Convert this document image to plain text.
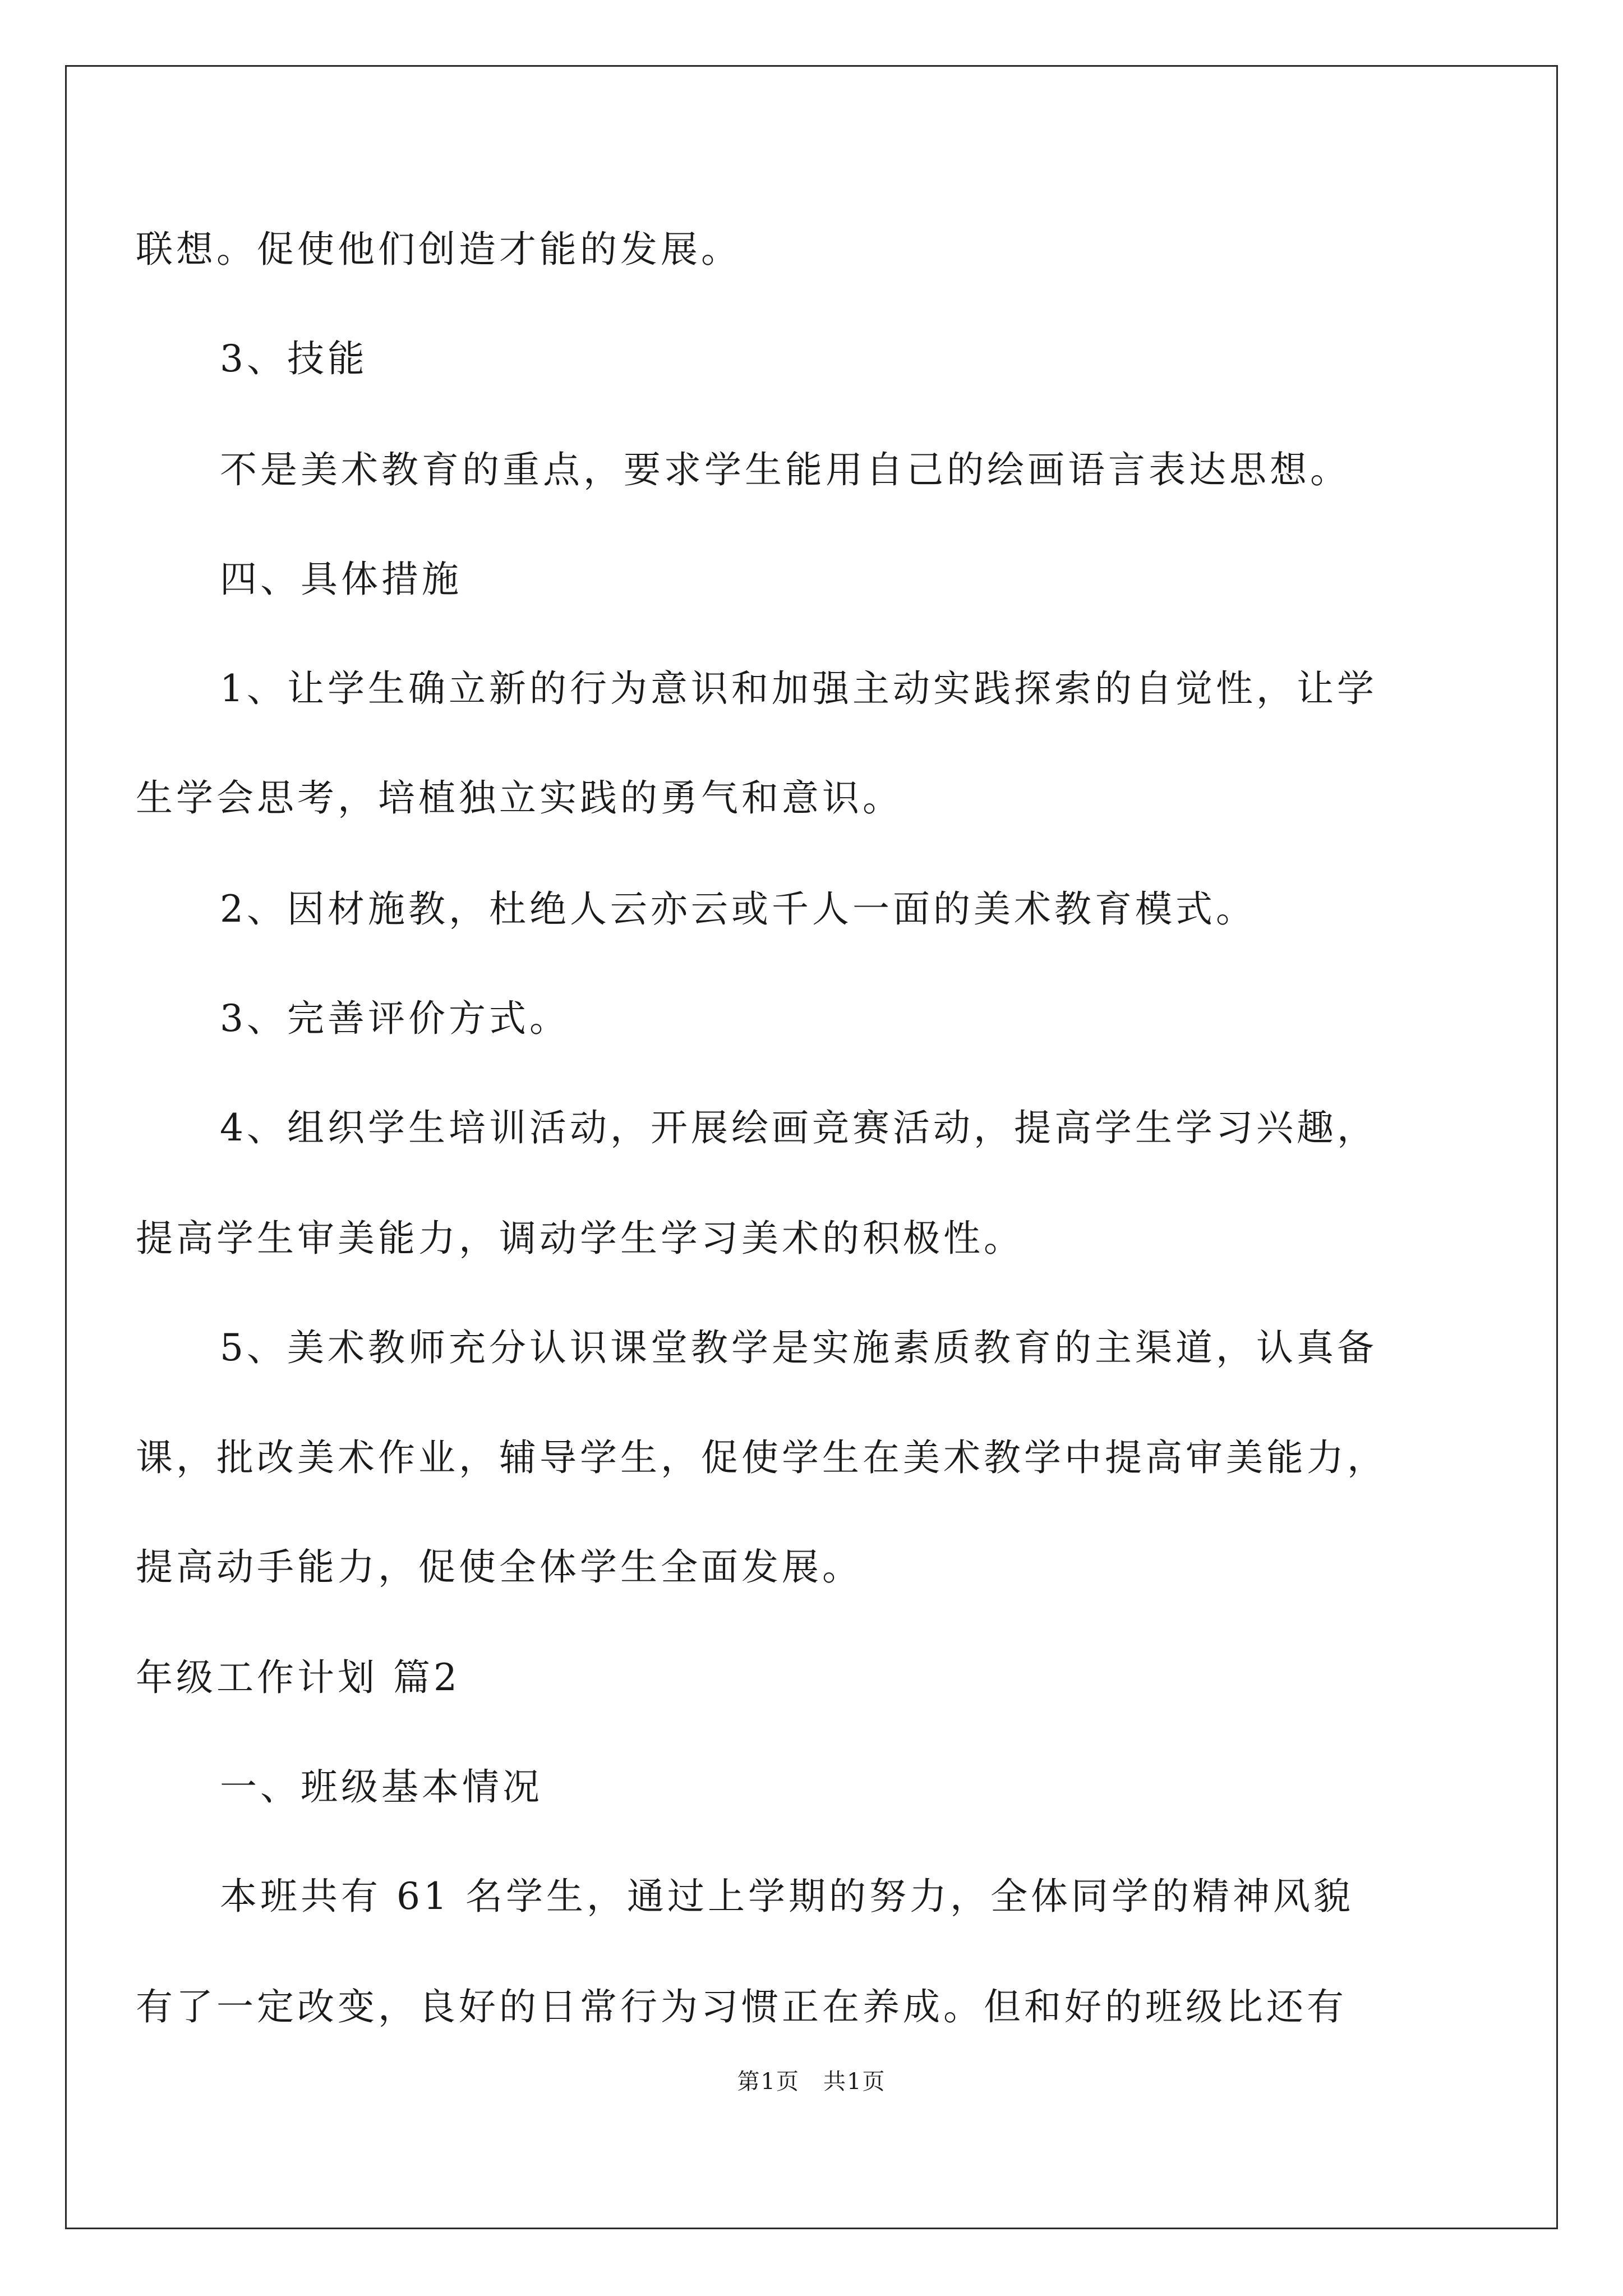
联想。促使他们创造才能的发展。
3、技能
不是美术教育的重点，要求学生能用自己的绘画语言表达思想。
四、具体措施
1、让学生确立新的行为意识和加强主动实践探索的自觉性，让学
生学会思考，培植独立实践的勇气和意识。
2、因材施教，杜绝人云亦云或千人一面的美术教育模式。
3、完善评价方式。
4、组织学生培训活动，开展绘画竞赛活动，提高学生学习兴趣，
提高学生审美能力，调动学生学习美术的积极性。
5、美术教师充分认识课堂教学是实施素质教育的主渠道，认真备
课，批改美术作业，辅导学生，促使学生在美术教学中提高审美能力，
提高动手能力，促使全体学生全面发展。
年级工作计划 篇2
一、班级基本情况
本班共有 61 名学生，通过上学期的努力，全体同学的精神风貌
有了一定改变，良好的日常行为习惯正在养成。但和好的班级比还有
第1页　共1页
